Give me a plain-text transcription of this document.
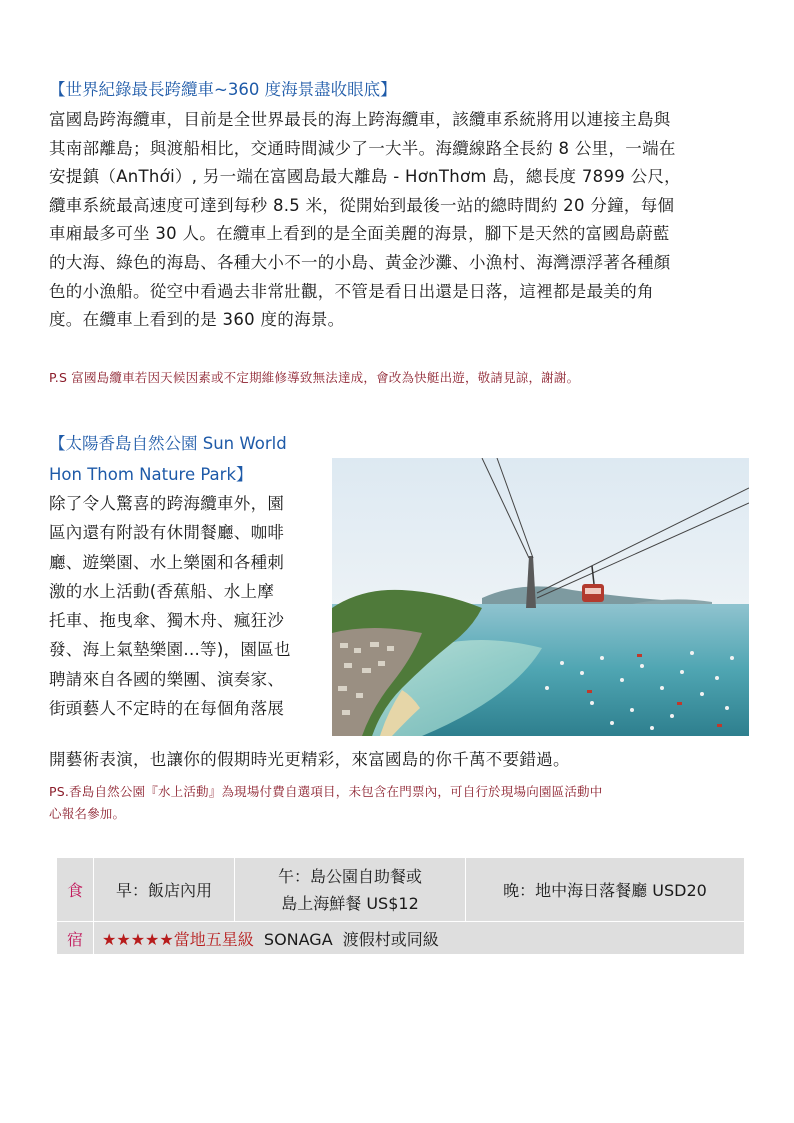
【世界紀錄最長跨纜車~360 度海景盡收眼底】
富國島跨海纜車，目前是全世界最長的海上跨海纜車，該纜車系統將用以連接主島與
其南部離島；與渡船相比，交通時間減少了一大半。海纜線路全長約 8 公里，一端在
安提鎮（AnThới）, 另一端在富國島最大離島 - HơnThơm 島，總長度 7899 公尺，
纜車系統最高速度可達到每秒 8.5 米，從開始到最後一站的總時間約 20 分鐘，每個
車廂最多可坐 30 人。在纜車上看到的是全面美麗的海景，腳下是天然的富國島蔚藍
的大海、綠色的海島、各種大小不一的小島、黃金沙灘、小漁村、海灣漂浮著各種顏
色的小漁船。從空中看過去非常壯觀，不管是看日出還是日落，這裡都是最美的角
度。在纜車上看到的是 360 度的海景。
P.S 富國島纜車若因天候因素或不定期維修導致無法達成，會改為快艇出遊，敬請見諒，謝謝。
【太陽香島自然公園 Sun World
Hon Thom Nature Park】
除了令人驚喜的跨海纜車外，園
區內還有附設有休閒餐廳、咖啡
廳、遊樂園、水上樂園和各種刺
激的水上活動(香蕉船、水上摩
托車、拖曳傘、獨木舟、瘋狂沙
發、海上氣墊樂園...等)，園區也
聘請來自各國的樂團、演奏家、
街頭藝人不定時的在每個角落展
開藝術表演，也讓你的假期時光更精彩，來富國島的你千萬不要錯過。
PS.香島自然公園『水上活動』為現場付費自選項目，未包含在門票內，可自行於現場向園區活動中
心報名參加。
食	早：飯店內用	午：島公園自助餐或
島上海鮮餐 US$12	晚：地中海日落餐廳 USD20
宿	★★★★★當地五星級  SONAGA  渡假村或同級		
